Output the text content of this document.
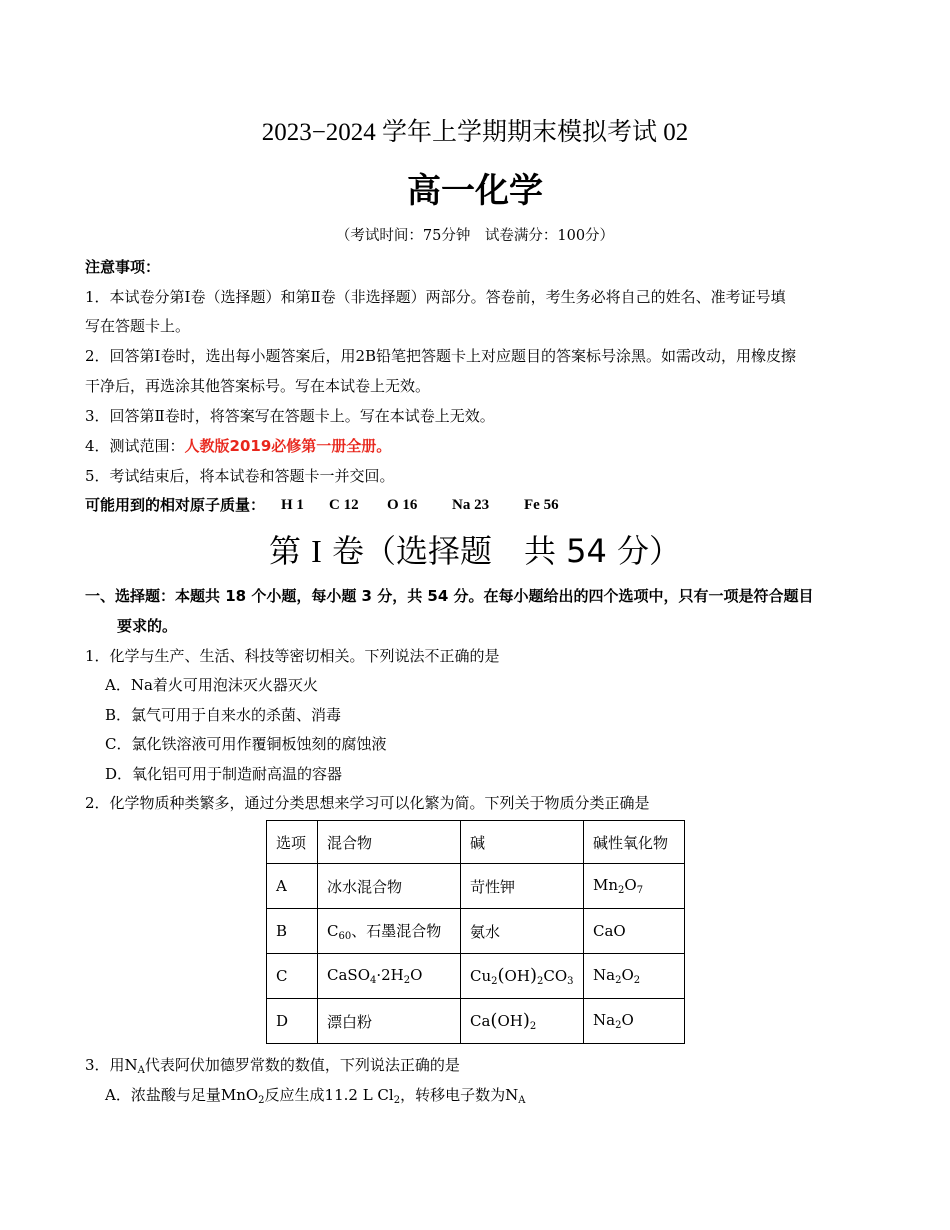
2023−2024 学年上学期期末模拟考试 02
高一化学
（考试时间：75分钟　试卷满分：100分）
注意事项：
1．本试卷分第Ⅰ卷（选择题）和第Ⅱ卷（非选择题）两部分。答卷前，考生务必将自己的姓名、准考证号填
写在答题卡上。
2．回答第Ⅰ卷时，选出每小题答案后，用2B铅笔把答题卡上对应题目的答案标号涂黑。如需改动，用橡皮擦
干净后，再选涂其他答案标号。写在本试卷上无效。
3．回答第Ⅱ卷时，将答案写在答题卡上。写在本试卷上无效。
4．测试范围：人教版2019必修第一册全册。
5．考试结束后，将本试卷和答题卡一并交回。
可能用到的相对原子质量：	H 1 C 12 O 16 Na 23 Fe 56
第 I 卷（选择题　共 54 分）
一、选择题：本题共 18 个小题，每小题 3 分，共 54 分。在每小题给出的四个选项中，只有一项是符合题目
要求的。
1．化学与生产、生活、科技等密切相关。下列说法不正确的是
A．Na着火可用泡沫灭火器灭火
B．氯气可用于自来水的杀菌、消毒
C．氯化铁溶液可用作覆铜板蚀刻的腐蚀液
D．氧化铝可用于制造耐高温的容器
2．化学物质种类繁多，通过分类思想来学习可以化繁为简。下列关于物质分类正确是
选项	混合物	碱	碱性氧化物
A	冰水混合物	苛性钾	$Mn_2O_7$
B	$C_{60}$、石墨混合物	氨水	CaO
C	$CaSO_4\cdot 2H_2O$	$Cu_2(OH)_2CO_3$	$Na_2O_2$
D	漂白粉	$Ca(OH)_2$	$Na_2O$
3．用$N_A$代表阿伏加德罗常数的数值，下列说法正确的是
A．浓盐酸与足量MnO$_2$反应生成11.2 L $Cl_2$，转移电子数为$N_A$
